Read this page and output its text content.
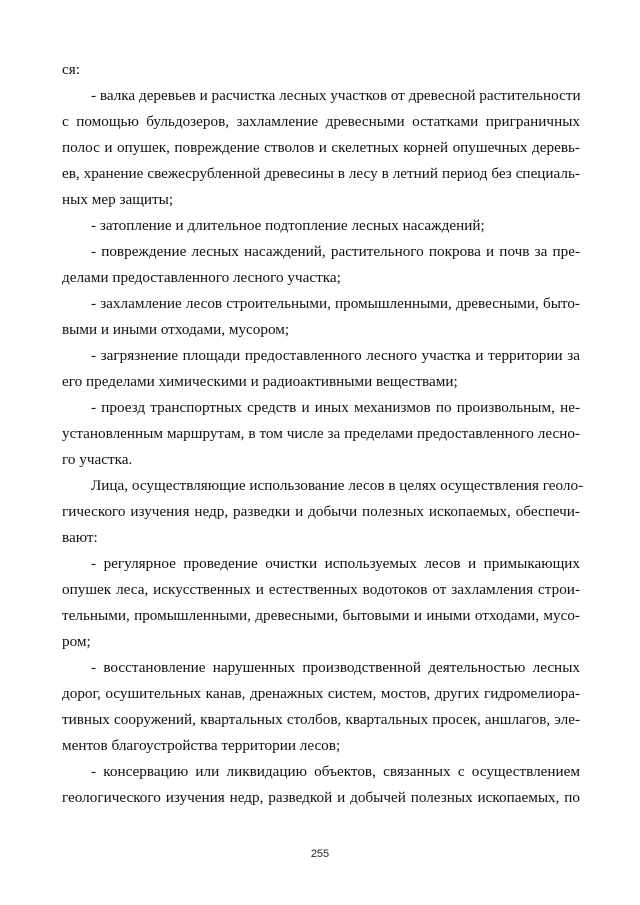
ся:
- валка деревьев и расчистка лесных участков от древесной растительности
с помощью бульдозеров, захламление древесными остатками приграничных
полос и опушек, повреждение стволов и скелетных корней опушечных деревь-
ев, хранение свежесрубленной древесины в лесу в летний период без специаль-
ных мер защиты;
- затопление и длительное подтопление лесных насаждений;
- повреждение лесных насаждений, растительного покрова и почв за пре-
делами предоставленного лесного участка;
- захламление лесов строительными, промышленными, древесными, быто-
выми и иными отходами, мусором;
- загрязнение площади предоставленного лесного участка и территории за
его пределами химическими и радиоактивными веществами;
- проезд транспортных средств и иных механизмов по произвольным, не-
установленным маршрутам, в том числе за пределами предоставленного лесно-
го участка.
Лица, осуществляющие использование лесов в целях осуществления геоло-
гического изучения недр, разведки и добычи полезных ископаемых, обеспечи-
вают:
- регулярное проведение очистки используемых лесов и примыкающих
опушек леса, искусственных и естественных водотоков от захламления строи-
тельными, промышленными, древесными, бытовыми и иными отходами, мусо-
ром;
- восстановление нарушенных производственной деятельностью лесных
дорог, осушительных канав, дренажных систем, мостов, других гидромелиора-
тивных сооружений, квартальных столбов, квартальных просек, аншлагов, эле-
ментов благоустройства территории лесов;
- консервацию или ликвидацию объектов, связанных с осуществлением
геологического изучения недр, разведкой и добычей полезных ископаемых, по
255
